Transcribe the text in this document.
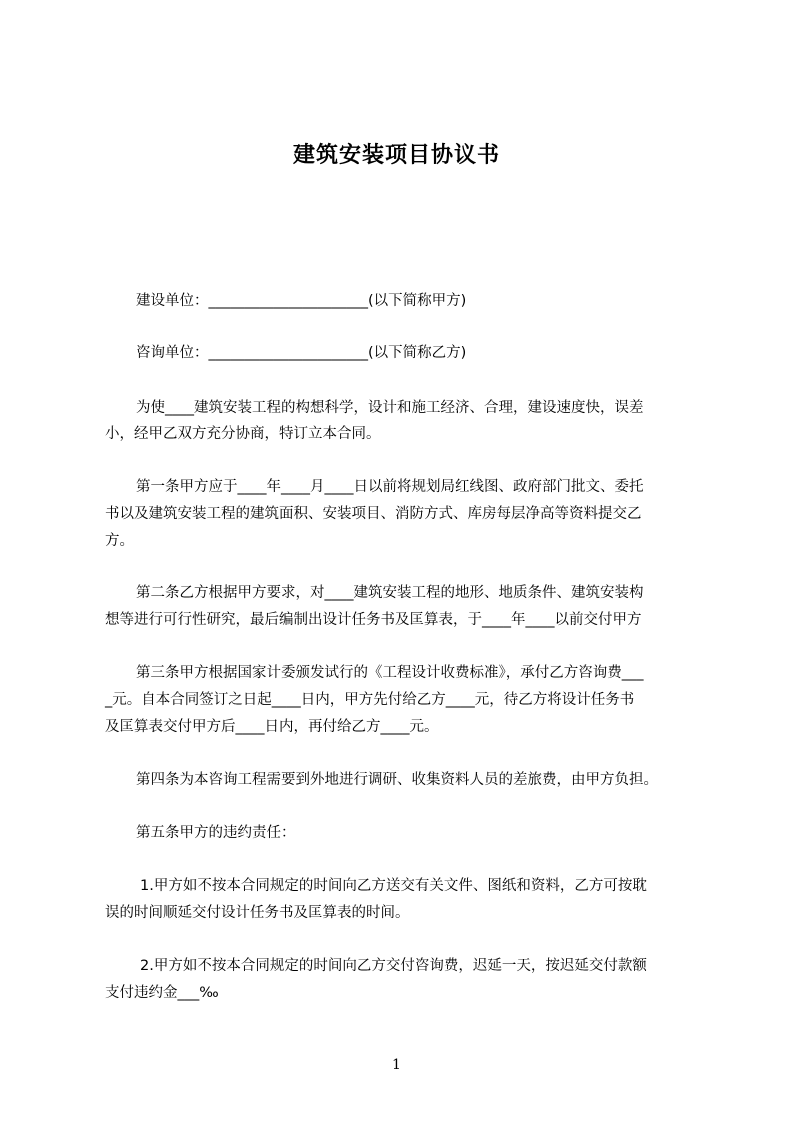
建筑安装项目协议书

建设单位：______________________(以下简称甲方)

咨询单位：______________________(以下简称乙方)

为使____建筑安装工程的构想科学，设计和施工经济、合理，建设速度快，误差

小，经甲乙双方充分协商，特订立本合同。

第一条甲方应于____年____月____日以前将规划局红线图、政府部门批文、委托

书以及建筑安装工程的建筑面积、安装项目、消防方式、库房每层净高等资料提交乙

方。

第二条乙方根据甲方要求，对____建筑安装工程的地形、地质条件、建筑安装构

想等进行可行性研究，最后编制出设计任务书及匡算表，于____年____以前交付甲方

第三条甲方根据国家计委颁发试行的《工程设计收费标准》，承付乙方咨询费___

_元。自本合同签订之日起____日内，甲方先付给乙方____元，待乙方将设计任务书

及匡算表交付甲方后____日内，再付给乙方____元。

第四条为本咨询工程需要到外地进行调研、收集资料人员的差旅费，由甲方负担。

第五条甲方的违约责任：

1.甲方如不按本合同规定的时间向乙方送交有关文件、图纸和资料，乙方可按耽

误的时间顺延交付设计任务书及匡算表的时间。

2.甲方如不按本合同规定的时间向乙方交付咨询费，迟延一天，按迟延交付款额

支付违约金___‰

1
